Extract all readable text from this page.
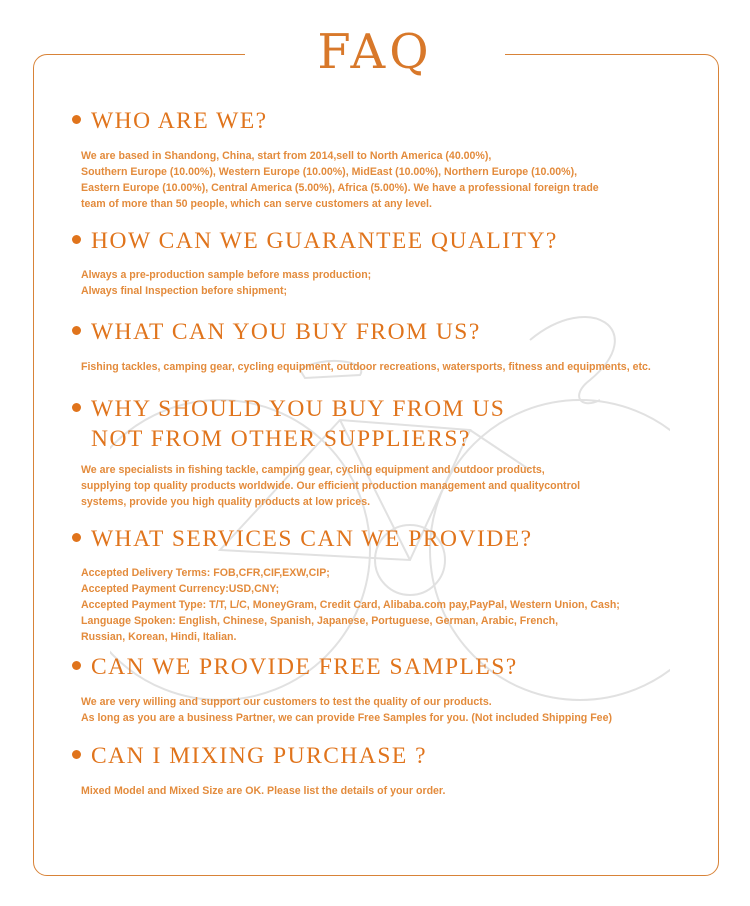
FAQ
WHO ARE WE?
We are based in Shandong, China, start from 2014,sell to North America (40.00%),
Southern Europe (10.00%), Western Europe (10.00%), MidEast (10.00%), Northern Europe (10.00%),
Eastern Europe (10.00%), Central America (5.00%), Africa (5.00%). We have a professional foreign trade
team of more than 50 people, which can serve customers at any level.
HOW CAN WE GUARANTEE QUALITY?
Always a pre-production sample before mass production;
Always final Inspection before shipment;
WHAT CAN YOU BUY FROM US?
Fishing tackles, camping gear, cycling equipment, outdoor recreations, watersports, fitness and equipments, etc.
WHY SHOULD YOU BUY FROM US
NOT FROM OTHER SUPPLIERS?
We are specialists in fishing tackle, camping gear, cycling equipment and outdoor products,
supplying top quality products worldwide. Our efficient production management and qualitycontrol
systems, provide you high quality products at low prices.
WHAT SERVICES CAN WE PROVIDE?
Accepted Delivery Terms: FOB,CFR,CIF,EXW,CIP;
Accepted Payment Currency:USD,CNY;
Accepted Payment Type: T/T, L/C, MoneyGram, Credit Card, Alibaba.com pay,PayPal, Western Union, Cash;
Language Spoken: English, Chinese, Spanish, Japanese, Portuguese, German, Arabic, French,
Russian, Korean, Hindi, Italian.
CAN WE PROVIDE FREE SAMPLES?
We are very willing and support our customers to test the quality of our products.
As long as you are a business Partner, we can provide Free Samples for you. (Not included Shipping Fee)
CAN I MIXING PURCHASE ?
Mixed Model and Mixed Size are OK. Please list the details of your order.
